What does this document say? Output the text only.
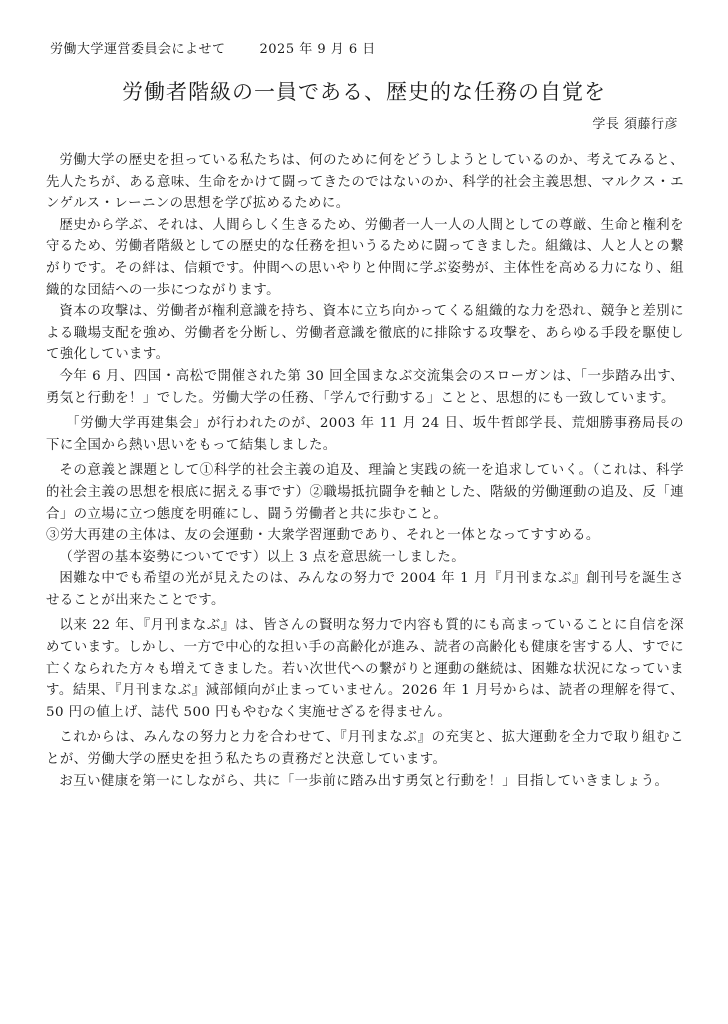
労働大学運営委員会によせて	2025 年 9 月 6 日
労働者階級の一員である、歴史的な任務の自覚を
学長 須藤行彦

労働大学の歴史を担っている私たちは、何のために何をどうしようとしているのか、考えてみると、先人たちが、ある意味、生命をかけて闘ってきたのではないのか、科学的社会主義思想、マルクス・エンゲルス・レーニンの思想を学び拡めるために。

歴史から学ぶ、それは、人間らしく生きるため、労働者一人一人の人間としての尊厳、生命と権利を守るため、労働者階級としての歴史的な任務を担いうるために闘ってきました。組織は、人と人との繋がりです。その絆は、信頼です。仲間への思いやりと仲間に学ぶ姿勢が、主体性を高める力になり、組織的な団結への一歩につながります。

資本の攻撃は、労働者が権利意識を持ち、資本に立ち向かってくる組織的な力を恐れ、競争と差別による職場支配を強め、労働者を分断し、労働者意識を徹底的に排除する攻撃を、あらゆる手段を駆使して強化しています。

今年 6 月、四国・高松で開催された第 30 回全国まなぶ交流集会のスローガンは、「一歩踏み出す、勇気と行動を！」でした。労働大学の任務、「学んで行動する」ことと、思想的にも一致しています。

「労働大学再建集会」が行われたのが、2003 年 11 月 24 日、坂牛哲郎学長、荒畑勝事務局長の下に全国から熱い思いをもって結集しました。

その意義と課題として①科学的社会主義の追及、理論と実践の統一を追求していく。（これは、科学的社会主義の思想を根底に据える事です）②職場抵抗闘争を軸とした、階級的労働運動の追及、反「連合」の立場に立つ態度を明確にし、闘う労働者と共に歩むこと。

③労大再建の主体は、友の会運動・大衆学習運動であり、それと一体となってすすめる。

（学習の基本姿勢についてです）以上 3 点を意思統一しました。

困難な中でも希望の光が見えたのは、みんなの努力で 2004 年 1 月『月刊まなぶ』創刊号を誕生させることが出来たことです。

以来 22 年、『月刊まなぶ』は、皆さんの賢明な努力で内容も質的にも高まっていることに自信を深めています。しかし、一方で中心的な担い手の高齢化が進み、読者の高齢化も健康を害する人、すでに亡くなられた方々も増えてきました。若い次世代への繋がりと運動の継続は、困難な状況になっています。結果、『月刊まなぶ』減部傾向が止まっていません。2026 年 1 月号からは、読者の理解を得て、50 円の値上げ、誌代 500 円もやむなく実施せざるを得ません。

これからは、みんなの努力と力を合わせて、『月刊まなぶ』の充実と、拡大運動を全力で取り組むことが、労働大学の歴史を担う私たちの責務だと決意しています。

お互い健康を第一にしながら、共に「一歩前に踏み出す勇気と行動を！」目指していきましょう。
